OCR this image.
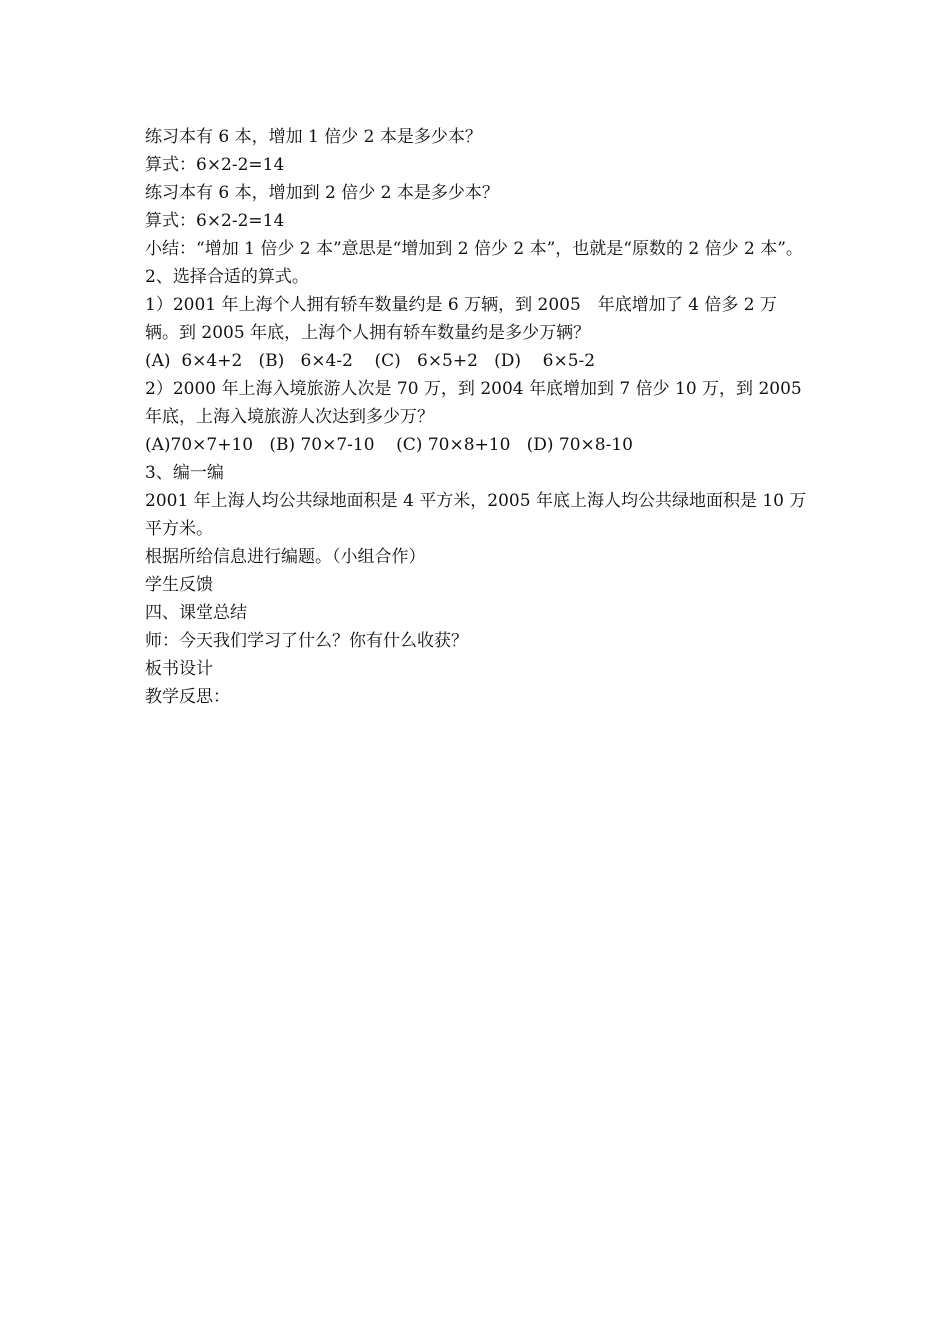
练习本有 6 本，增加 1 倍少 2 本是多少本？
算式：6×2-2=14
练习本有 6 本，增加到 2 倍少 2 本是多少本？
算式：6×2-2=14
小结：“增加 1 倍少 2 本”意思是“增加到 2 倍少 2 本”，也就是“原数的 2 倍少 2 本”。
2、选择合适的算式。
1）2001 年上海个人拥有轿车数量约是 6 万辆，到 2005　年底增加了 4 倍多 2 万辆。到 2005 年底，上海个人拥有轿车数量约是多少万辆？
(A)  6×4+2   (B)   6×4-2    (C)   6×5+2   (D)    6×5-2
2）2000 年上海入境旅游人次是 70 万，到 2004 年底增加到 7 倍少 10 万，到 2005 年底，上海入境旅游人次达到多少万？
(A)70×7+10   (B) 70×7-10    (C) 70×8+10   (D) 70×8-10
3、编一编
2001 年上海人均公共绿地面积是 4 平方米，2005 年底上海人均公共绿地面积是 10 万平方米。
根据所给信息进行编题。（小组合作）
学生反馈
四、课堂总结
师：今天我们学习了什么？你有什么收获？
板书设计
教学反思：
